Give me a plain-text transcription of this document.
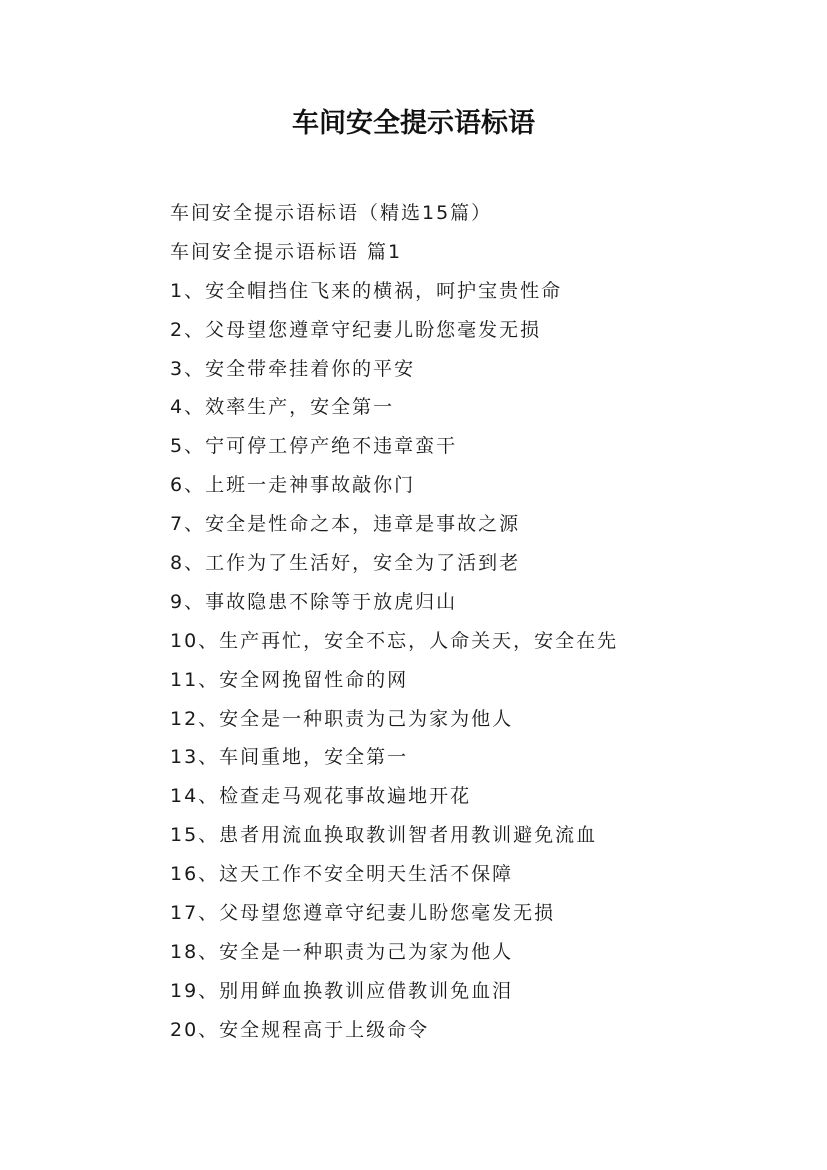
车间安全提示语标语
车间安全提示语标语（精选15篇）
车间安全提示语标语 篇1
1、安全帽挡住飞来的横祸，呵护宝贵性命
2、父母望您遵章守纪妻儿盼您毫发无损
3、安全带牵挂着你的平安
4、效率生产，安全第一
5、宁可停工停产绝不违章蛮干
6、上班一走神事故敲你门
7、安全是性命之本，违章是事故之源
8、工作为了生活好，安全为了活到老
9、事故隐患不除等于放虎归山
10、生产再忙，安全不忘，人命关天，安全在先
11、安全网挽留性命的网
12、安全是一种职责为己为家为他人
13、车间重地，安全第一
14、检查走马观花事故遍地开花
15、患者用流血换取教训智者用教训避免流血
16、这天工作不安全明天生活不保障
17、父母望您遵章守纪妻儿盼您毫发无损
18、安全是一种职责为己为家为他人
19、别用鲜血换教训应借教训免血泪
20、安全规程高于上级命令
